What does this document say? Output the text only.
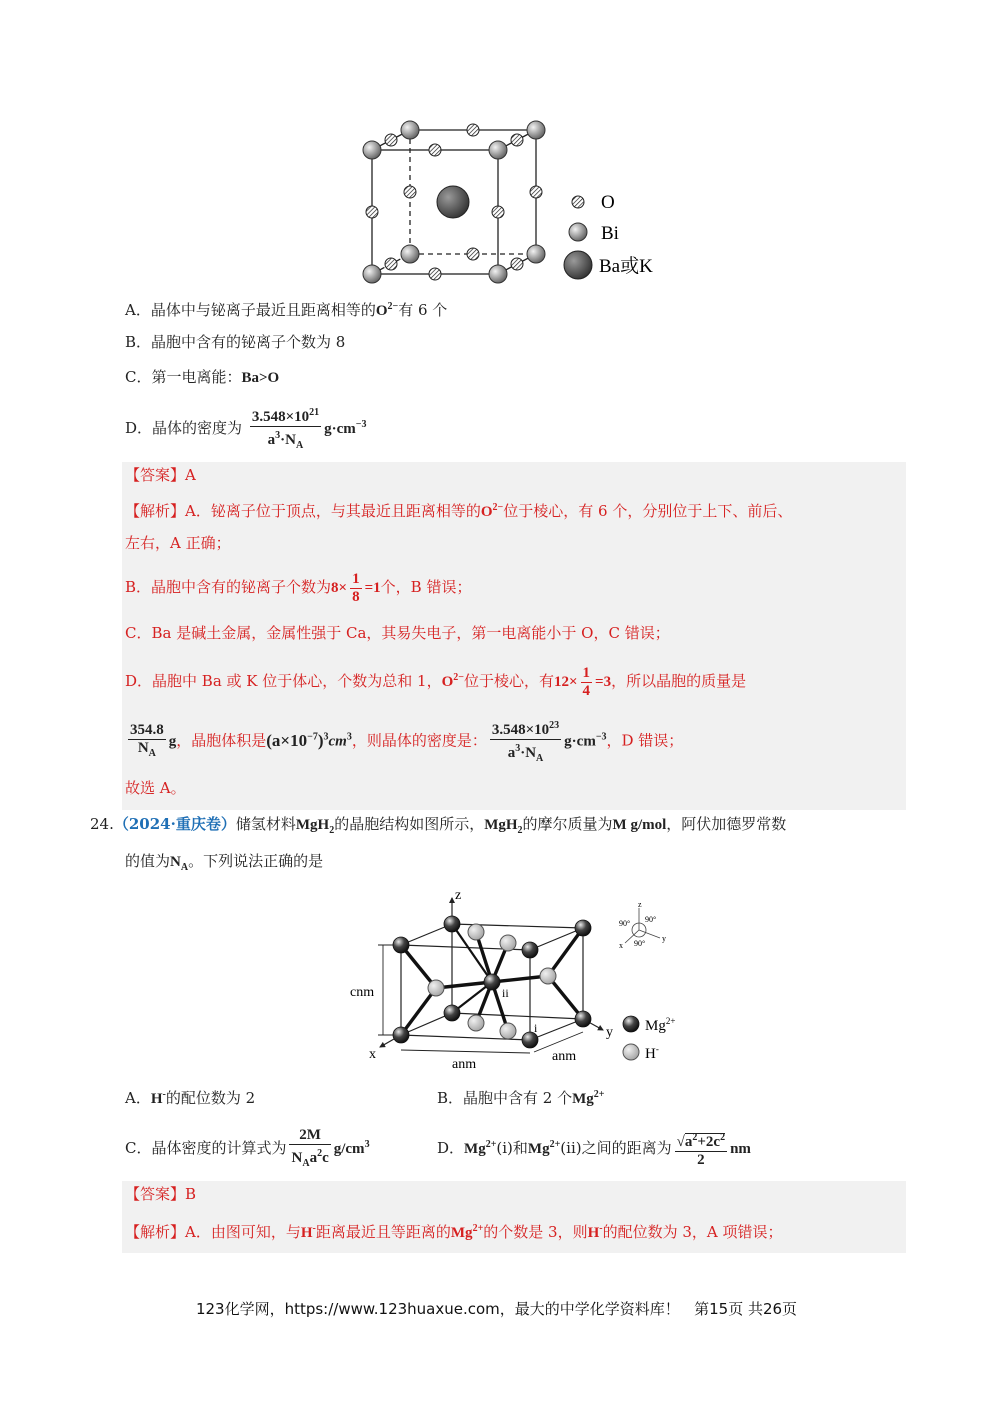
O
Bi
Ba或K
A．晶体中与铋离子最近且距离相等的$O^{2-}$有 6 个
B．晶胞中含有的铋离子个数为 8
C．第一电离能：Ba>O
D．晶体的密度为 $\frac{3.548\times 10^{21}}{a^3\cdot N_A} g\cdot cm^{-3}$
【答案】A
【解析】A．铋离子位于顶点，与其最近且距离相等的$O^{2-}$位于棱心，有 6 个，分别位于上下、前后、
左右，A 正确；
B．晶胞中含有的铋离子个数为$8\times \frac{1}{8} =1$个，B 错误；
C．Ba 是碱土金属，金属性强于 Ca，其易失电子，第一电离能小于 O，C 错误；
D．晶胞中 Ba 或 K 位于体心，个数为总和 1，$O^{2-}$位于棱心，有$12\times \frac{1}{4} =3$，所以晶胞的质量是
$\frac{354.8}{N_A}$ g，晶胞体积是$(a\times 10^{-7})^3cm^3$，则晶体的密度是： $\frac{3.548\times 10^{23}}{a^3\cdot N_A} g\cdot cm^{-3}$，D 错误；
故选 A。
24.（2024·重庆卷）储氢材料MgH$_2$的晶胞结构如图所示，MgH$_2$的摩尔质量为M g/mol，阿伏加德罗常数
的值为$N_A$。下列说法正确的是
z
x
y
cnm
anm
anm
i
ii
z
90° 90°
90°
x
y
$Mg^{2+}$
H-
A．H-的配位数为 2	B．晶胞中含有 2 个$Mg^{2+}$
C．晶体密度的计算式为 $\frac{2M}{N_Aa^2c} g/cm^3$	D．$Mg^{2+}(i)$和$Mg^{2+}(ii)$之间的距离为 $\frac{√a^2+2c^2}{2}$ nm
【答案】B
【解析】A．由图可知，与H-距离最近且等距离的$Mg^{2+}$的个数是 3，则H-的配位数为 3，A 项错误；
123化学网，https://www.123huaxue.com，最大的中学化学资料库！ 第15页 共26页
